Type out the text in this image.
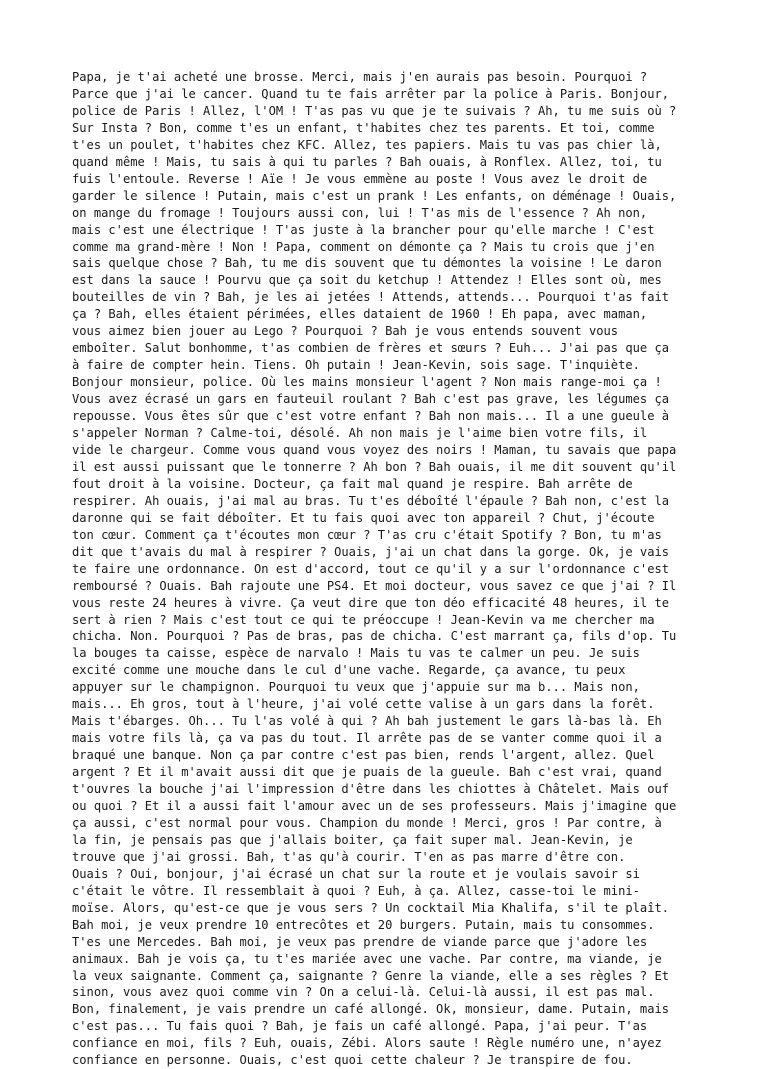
Papa, je t'ai acheté une brosse. Merci, mais j'en aurais pas besoin. Pourquoi ?
Parce que j'ai le cancer. Quand tu te fais arrêter par la police à Paris. Bonjour,
police de Paris ! Allez, l'OM ! T'as pas vu que je te suivais ? Ah, tu me suis où ?
Sur Insta ? Bon, comme t'es un enfant, t'habites chez tes parents. Et toi, comme
t'es un poulet, t'habites chez KFC. Allez, tes papiers. Mais tu vas pas chier là,
quand même ! Mais, tu sais à qui tu parles ? Bah ouais, à Ronflex. Allez, toi, tu
fuis l'entoule. Reverse ! Aïe ! Je vous emmène au poste ! Vous avez le droit de
garder le silence ! Putain, mais c'est un prank ! Les enfants, on déménage ! Ouais,
on mange du fromage ! Toujours aussi con, lui ! T'as mis de l'essence ? Ah non,
mais c'est une électrique ! T'as juste à la brancher pour qu'elle marche ! C'est
comme ma grand-mère ! Non ! Papa, comment on démonte ça ? Mais tu crois que j'en
sais quelque chose ? Bah, tu me dis souvent que tu démontes la voisine ! Le daron
est dans la sauce ! Pourvu que ça soit du ketchup ! Attendez ! Elles sont où, mes
bouteilles de vin ? Bah, je les ai jetées ! Attends, attends... Pourquoi t'as fait
ça ? Bah, elles étaient périmées, elles dataient de 1960 ! Eh papa, avec maman,
vous aimez bien jouer au Lego ? Pourquoi ? Bah je vous entends souvent vous
emboîter. Salut bonhomme, t'as combien de frères et sœurs ? Euh... J'ai pas que ça
à faire de compter hein. Tiens. Oh putain ! Jean-Kevin, sois sage. T'inquiète.
Bonjour monsieur, police. Où les mains monsieur l'agent ? Non mais range-moi ça !
Vous avez écrasé un gars en fauteuil roulant ? Bah c'est pas grave, les légumes ça
repousse. Vous êtes sûr que c'est votre enfant ? Bah non mais... Il a une gueule à
s'appeler Norman ? Calme-toi, désolé. Ah non mais je l'aime bien votre fils, il
vide le chargeur. Comme vous quand vous voyez des noirs ! Maman, tu savais que papa
il est aussi puissant que le tonnerre ? Ah bon ? Bah ouais, il me dit souvent qu'il
fout droit à la voisine. Docteur, ça fait mal quand je respire. Bah arrête de
respirer. Ah ouais, j'ai mal au bras. Tu t'es déboîté l'épaule ? Bah non, c'est la
daronne qui se fait déboîter. Et tu fais quoi avec ton appareil ? Chut, j'écoute
ton cœur. Comment ça t'écoutes mon cœur ? T'as cru c'était Spotify ? Bon, tu m'as
dit que t'avais du mal à respirer ? Ouais, j'ai un chat dans la gorge. Ok, je vais
te faire une ordonnance. On est d'accord, tout ce qu'il y a sur l'ordonnance c'est
remboursé ? Ouais. Bah rajoute une PS4. Et moi docteur, vous savez ce que j'ai ? Il
vous reste 24 heures à vivre. Ça veut dire que ton déo efficacité 48 heures, il te
sert à rien ? Mais c'est tout ce qui te préoccupe ! Jean-Kevin va me chercher ma
chicha. Non. Pourquoi ? Pas de bras, pas de chicha. C'est marrant ça, fils d'op. Tu
la bouges ta caisse, espèce de narvalo ! Mais tu vas te calmer un peu. Je suis
excité comme une mouche dans le cul d'une vache. Regarde, ça avance, tu peux
appuyer sur le champignon. Pourquoi tu veux que j'appuie sur ma b... Mais non,
mais... Eh gros, tout à l'heure, j'ai volé cette valise à un gars dans la forêt.
Mais t'ébarges. Oh... Tu l'as volé à qui ? Ah bah justement le gars là-bas là. Eh
mais votre fils là, ça va pas du tout. Il arrête pas de se vanter comme quoi il a
braqué une banque. Non ça par contre c'est pas bien, rends l'argent, allez. Quel
argent ? Et il m'avait aussi dit que je puais de la gueule. Bah c'est vrai, quand
t'ouvres la bouche j'ai l'impression d'être dans les chiottes à Châtelet. Mais ouf
ou quoi ? Et il a aussi fait l'amour avec un de ses professeurs. Mais j'imagine que
ça aussi, c'est normal pour vous. Champion du monde ! Merci, gros ! Par contre, à
la fin, je pensais pas que j'allais boiter, ça fait super mal. Jean-Kevin, je
trouve que j'ai grossi. Bah, t'as qu'à courir. T'en as pas marre d'être con.
Ouais ? Oui, bonjour, j'ai écrasé un chat sur la route et je voulais savoir si
c'était le vôtre. Il ressemblait à quoi ? Euh, à ça. Allez, casse-toi le mini-
moïse. Alors, qu'est-ce que je vous sers ? Un cocktail Mia Khalifa, s'il te plaît.
Bah moi, je veux prendre 10 entrecôtes et 20 burgers. Putain, mais tu consommes.
T'es une Mercedes. Bah moi, je veux pas prendre de viande parce que j'adore les
animaux. Bah je vois ça, tu t'es mariée avec une vache. Par contre, ma viande, je
la veux saignante. Comment ça, saignante ? Genre la viande, elle a ses règles ? Et
sinon, vous avez quoi comme vin ? On a celui-là. Celui-là aussi, il est pas mal.
Bon, finalement, je vais prendre un café allongé. Ok, monsieur, dame. Putain, mais
c'est pas... Tu fais quoi ? Bah, je fais un café allongé. Papa, j'ai peur. T'as
confiance en moi, fils ? Euh, ouais, Zébi. Alors saute ! Règle numéro une, n'ayez
confiance en personne. Ouais, c'est quoi cette chaleur ? Je transpire de fou.
